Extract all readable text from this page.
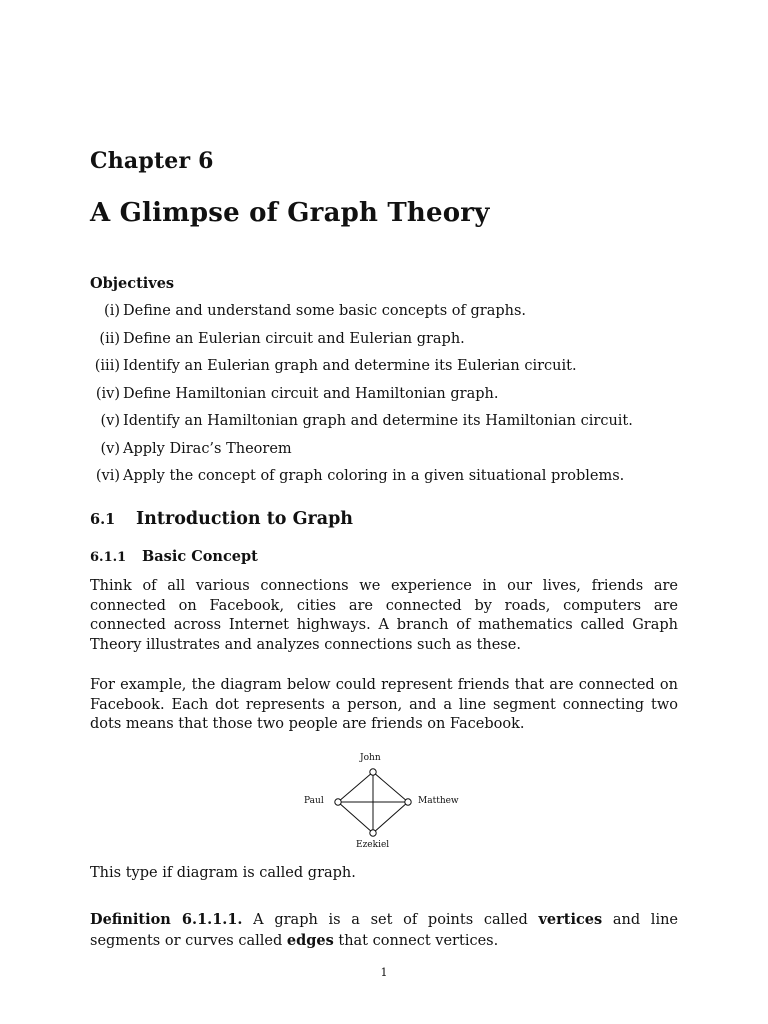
Chapter 6
A Glimpse of Graph Theory
Objectives
(i) Define and understand some basic concepts of graphs.
(ii) Define an Eulerian circuit and Eulerian graph.
(iii) Identify an Eulerian graph and determine its Eulerian circuit.
(iv) Define Hamiltonian circuit and Hamiltonian graph.
(v) Identify an Hamiltonian graph and determine its Hamiltonian circuit.
(v) Apply Dirac’s Theorem
(vi) Apply the concept of graph coloring in a given situational problems.
6.1 Introduction to Graph
6.1.1 Basic Concept
Think of all various connections we experience in our lives, friends are connected on Facebook, cities are connected by roads, computers are connected across Internet highways. A branch of mathematics called Graph Theory illustrates and analyzes connections such as these.
For example, the diagram below could represent friends that are connected on Facebook. Each dot represents a person, and a line segment connecting two dots means that those two people are friends on Facebook.
John
Paul	Matthew
Ezekiel
This type if diagram is called graph.
Definition 6.1.1.1. A graph is a set of points called vertices and line segments or curves called edges that connect vertices.
1
